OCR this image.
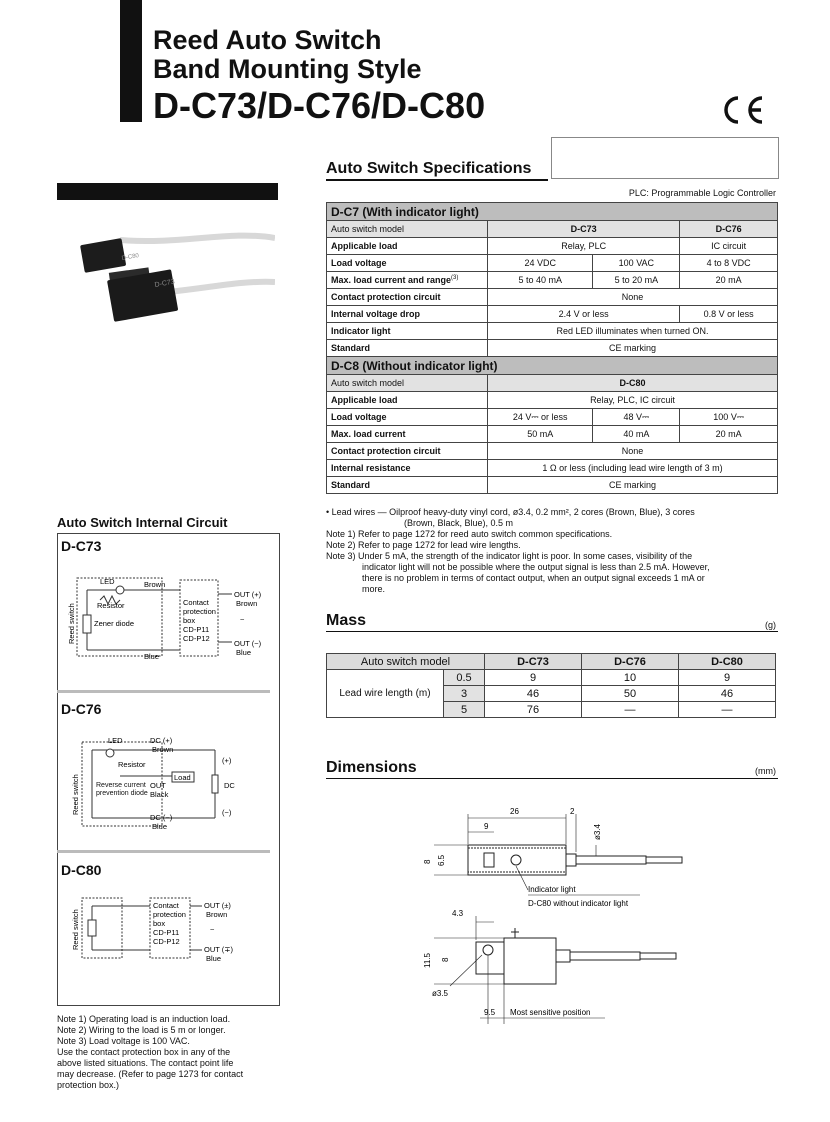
Reed Auto Switch
Band Mounting Style
D-C73/D-C76/D-C80
D-C73
D-C80
Auto Switch Specifications
PLC: Programmable Logic Controller
D-C7 (With indicator light)			
Auto switch model	D-C73		D-C76
Applicable load	Relay, PLC		IC circuit
Load voltage	24 VDC	100 VAC	4 to 8 VDC
Max. load current and range$^{(3)}$	5 to 40 mA	5 to 20 mA	20 mA
Contact protection circuit	None		
Internal voltage drop	2.4 V or less		0.8 V or less
Indicator light	Red LED illuminates when turned ON.		
Standard	CE marking		
D-C8 (Without indicator light)			
Auto switch model	D-C80		
Applicable load	Relay, PLC, IC circuit		
Load voltage	24 V⎓ or less	48 V⎓	100 V⎓
Max. load current	50 mA	40 mA	20 mA
Contact protection circuit	None		
Internal resistance	1 Ω or less (including lead wire length of 3 m)		
Standard	CE marking		
• Lead wires — Oilproof heavy-duty vinyl cord, ø3.4, 0.2 mm², 2 cores (Brown, Blue), 3 cores
(Brown, Black, Blue), 0.5 m
Note 1) Refer to page 1272 for reed auto switch common specifications.
Note 2) Refer to page 1272 for lead wire lengths.
Note 3) Under 5 mA, the strength of the indicator light is poor. In some cases, visibility of the
indicator light will not be possible where the output signal is less than 2.5 mA. However,
there is no problem in terms of contact output, when an output signal exceeds 1 mA or
more.
Mass	(g)
Auto switch model		D-C73	D-C76	D-C80
Lead wire length (m)	0.5	9	10	9
	3	46	50	46
	5	76	—	—
Dimensions	(mm)
26	2
9	ø3.4
8 6.5
Indicator light
D-C80 without indicator light
4.3
11.5 8
ø3.5
9.5 Most sensitive position
Auto Switch Internal Circuit
D-C73
LED
Resistor
Zener diode
Brown
Blue
Reed switch
Contact
protection
box
CD-P11
CD-P12
OUT (+)
Brown
~
OUT (−)
Blue
D-C76
DC (+)
Brown
LED
Resistor
Load
OUT
Black
DC (−)
Blue
(+)
DC
(−)
Reed switch Reverse current prevention diode
D-C80
Reed switch
Contact
protection
box
CD-P11
CD-P12
OUT (±)
Brown
~
OUT (∓)
Blue
Note 1) Operating load is an induction load.
Note 2) Wiring to the load is 5 m or longer.
Note 3) Load voltage is 100 VAC.
Use the contact protection box in any of the
above listed situations. The contact point life
may decrease. (Refer to page 1273 for contact
protection box.)
